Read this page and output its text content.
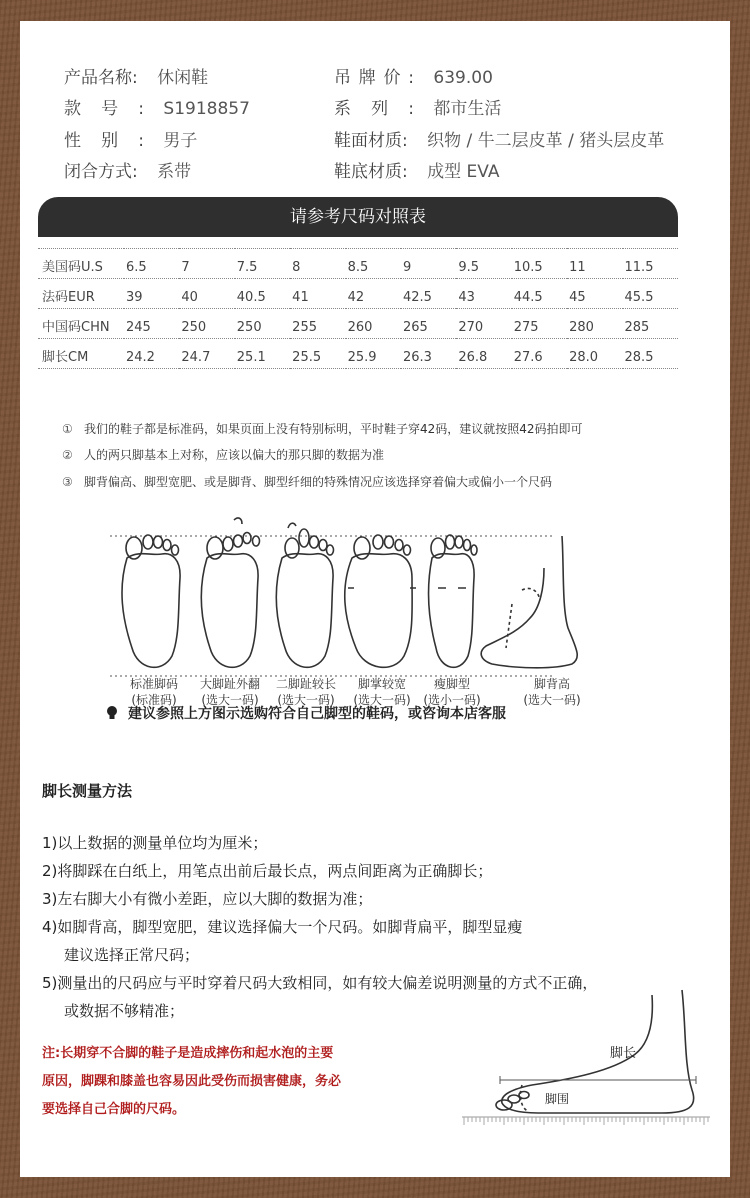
产品名称: 休闲鞋	吊牌价: 639.00
款号: S1918857	系列: 都市生活
性别: 男子	鞋面材质: 织物 / 牛二层皮革 / 猪头层皮革
闭合方式: 系带	鞋底材质: 成型 EVA
请参考尺码对照表
美国码U.S	6.5	7	7.5	8	8.5	9	9.5	10.5	11	11.5
法码EUR	39	40	40.5	41	42	42.5	43	44.5	45	45.5
中国码CHN	245	250	250	255	260	265	270	275	280	285
脚长CM	24.2	24.7	25.1	25.5	25.9	26.3	26.8	27.6	28.0	28.5
① 我们的鞋子都是标准码，如果页面上没有特别标明，平时鞋子穿42码，建议就按照42码拍即可
② 人的两只脚基本上对称，应该以偏大的那只脚的数据为准
③ 脚背偏高、脚型宽肥、或是脚背、脚型纤细的特殊情况应该选择穿着偏大或偏小一个尺码
标准脚码
(标准码)
大脚趾外翻
(选大一码)
二脚趾较长
(选大一码)
脚掌较宽
(选大一码)
瘦脚型
(选小一码)
脚背高
(选大一码)
建议参照上方图示选购符合自己脚型的鞋码，或咨询本店客服
脚长测量方法
1)以上数据的测量单位均为厘米；
2)将脚踩在白纸上，用笔点出前后最长点，两点间距离为正确脚长；
3)左右脚大小有微小差距，应以大脚的数据为准；
4)如脚背高，脚型宽肥，建议选择偏大一个尺码。如脚背扁平，脚型显瘦
建议选择正常尺码；
5)测量出的尺码应与平时穿着尺码大致相同，如有较大偏差说明测量的方式不正确，
或数据不够精准；
注:长期穿不合脚的鞋子是造成摔伤和起水泡的主要
原因，脚踝和膝盖也容易因此受伤而损害健康，务必
要选择自己合脚的尺码。
脚长
脚围
